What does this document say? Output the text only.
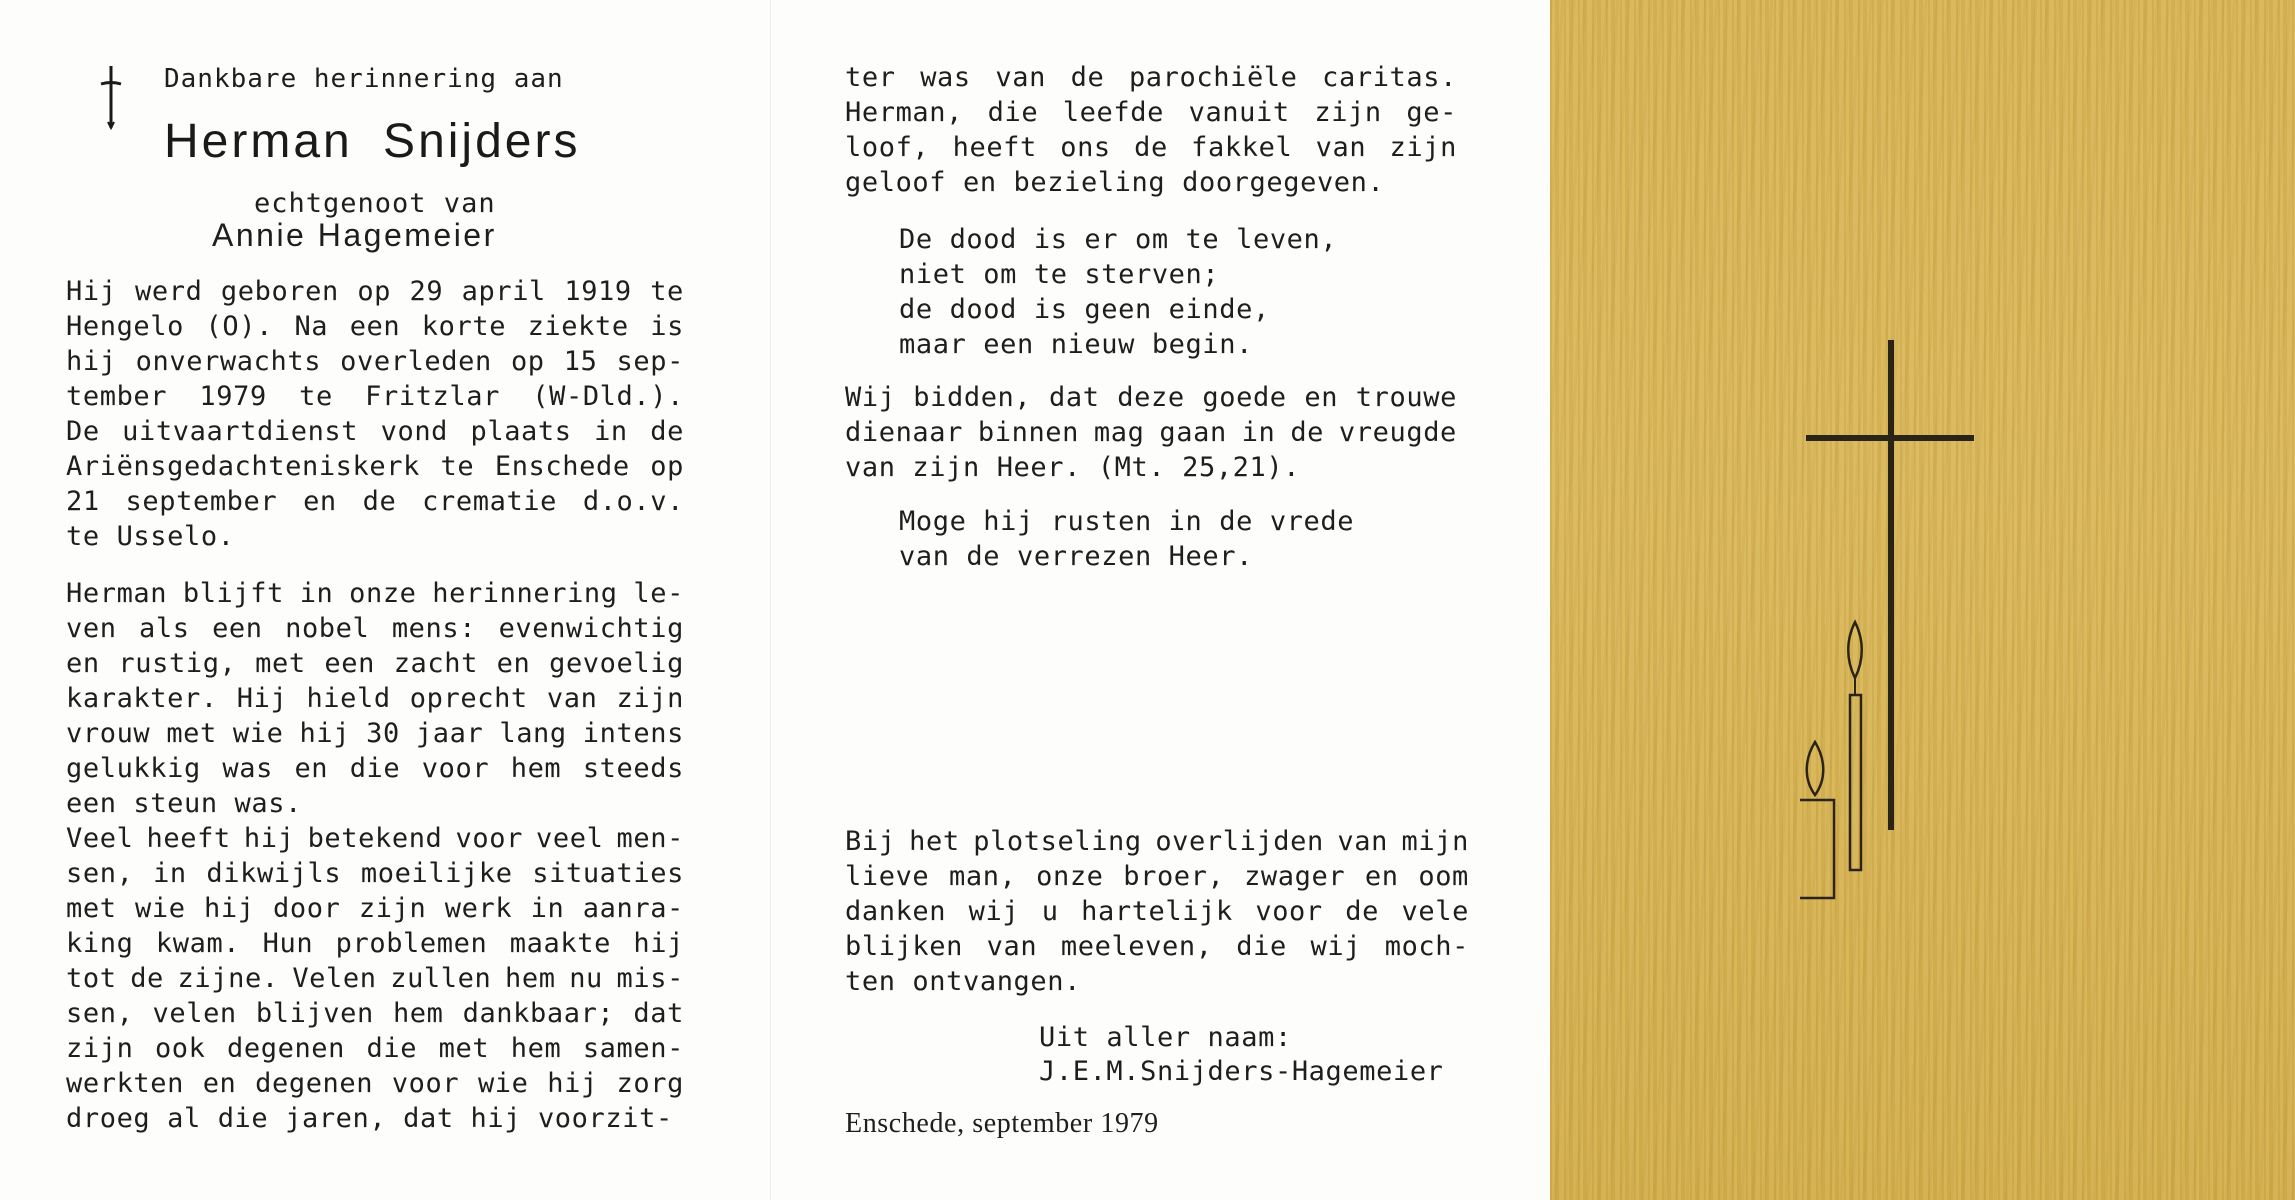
Dankbare herinnering aan
Herman Snijders
echtgenoot van
Annie Hagemeier
Hij werd geboren op 29 april 1919 te
Hengelo (O). Na een korte ziekte is
hij onverwachts overleden op 15 sep-
tember 1979 te Fritzlar (W-Dld.).
De uitvaartdienst vond plaats in de
Ariënsgedachteniskerk te Enschede op
21 september en de crematie d.o.v.
te Usselo.
Herman blijft in onze herinnering le-
ven als een nobel mens: evenwichtig
en rustig, met een zacht en gevoelig
karakter. Hij hield oprecht van zijn
vrouw met wie hij 30 jaar lang intens
gelukkig was en die voor hem steeds
een steun was.
Veel heeft hij betekend voor veel men-
sen, in dikwijls moeilijke situaties
met wie hij door zijn werk in aanra-
king kwam. Hun problemen maakte hij
tot de zijne. Velen zullen hem nu mis-
sen, velen blijven hem dankbaar; dat
zijn ook degenen die met hem samen-
werkten en degenen voor wie hij zorg
droeg al die jaren, dat hij voorzit-
ter was van de parochiële caritas.
Herman, die leefde vanuit zijn ge-
loof, heeft ons de fakkel van zijn
geloof en bezieling doorgegeven.
De dood is er om te leven,
niet om te sterven;
de dood is geen einde,
maar een nieuw begin.
Wij bidden, dat deze goede en trouwe
dienaar binnen mag gaan in de vreugde
van zijn Heer. (Mt. 25,21).
Moge hij rusten in de vrede
van de verrezen Heer.
Bij het plotseling overlijden van mijn
lieve man, onze broer, zwager en oom
danken wij u hartelijk voor de vele
blijken van meeleven, die wij moch-
ten ontvangen.
Uit aller naam:
J.E.M.Snijders-Hagemeier
Enschede, september 1979
